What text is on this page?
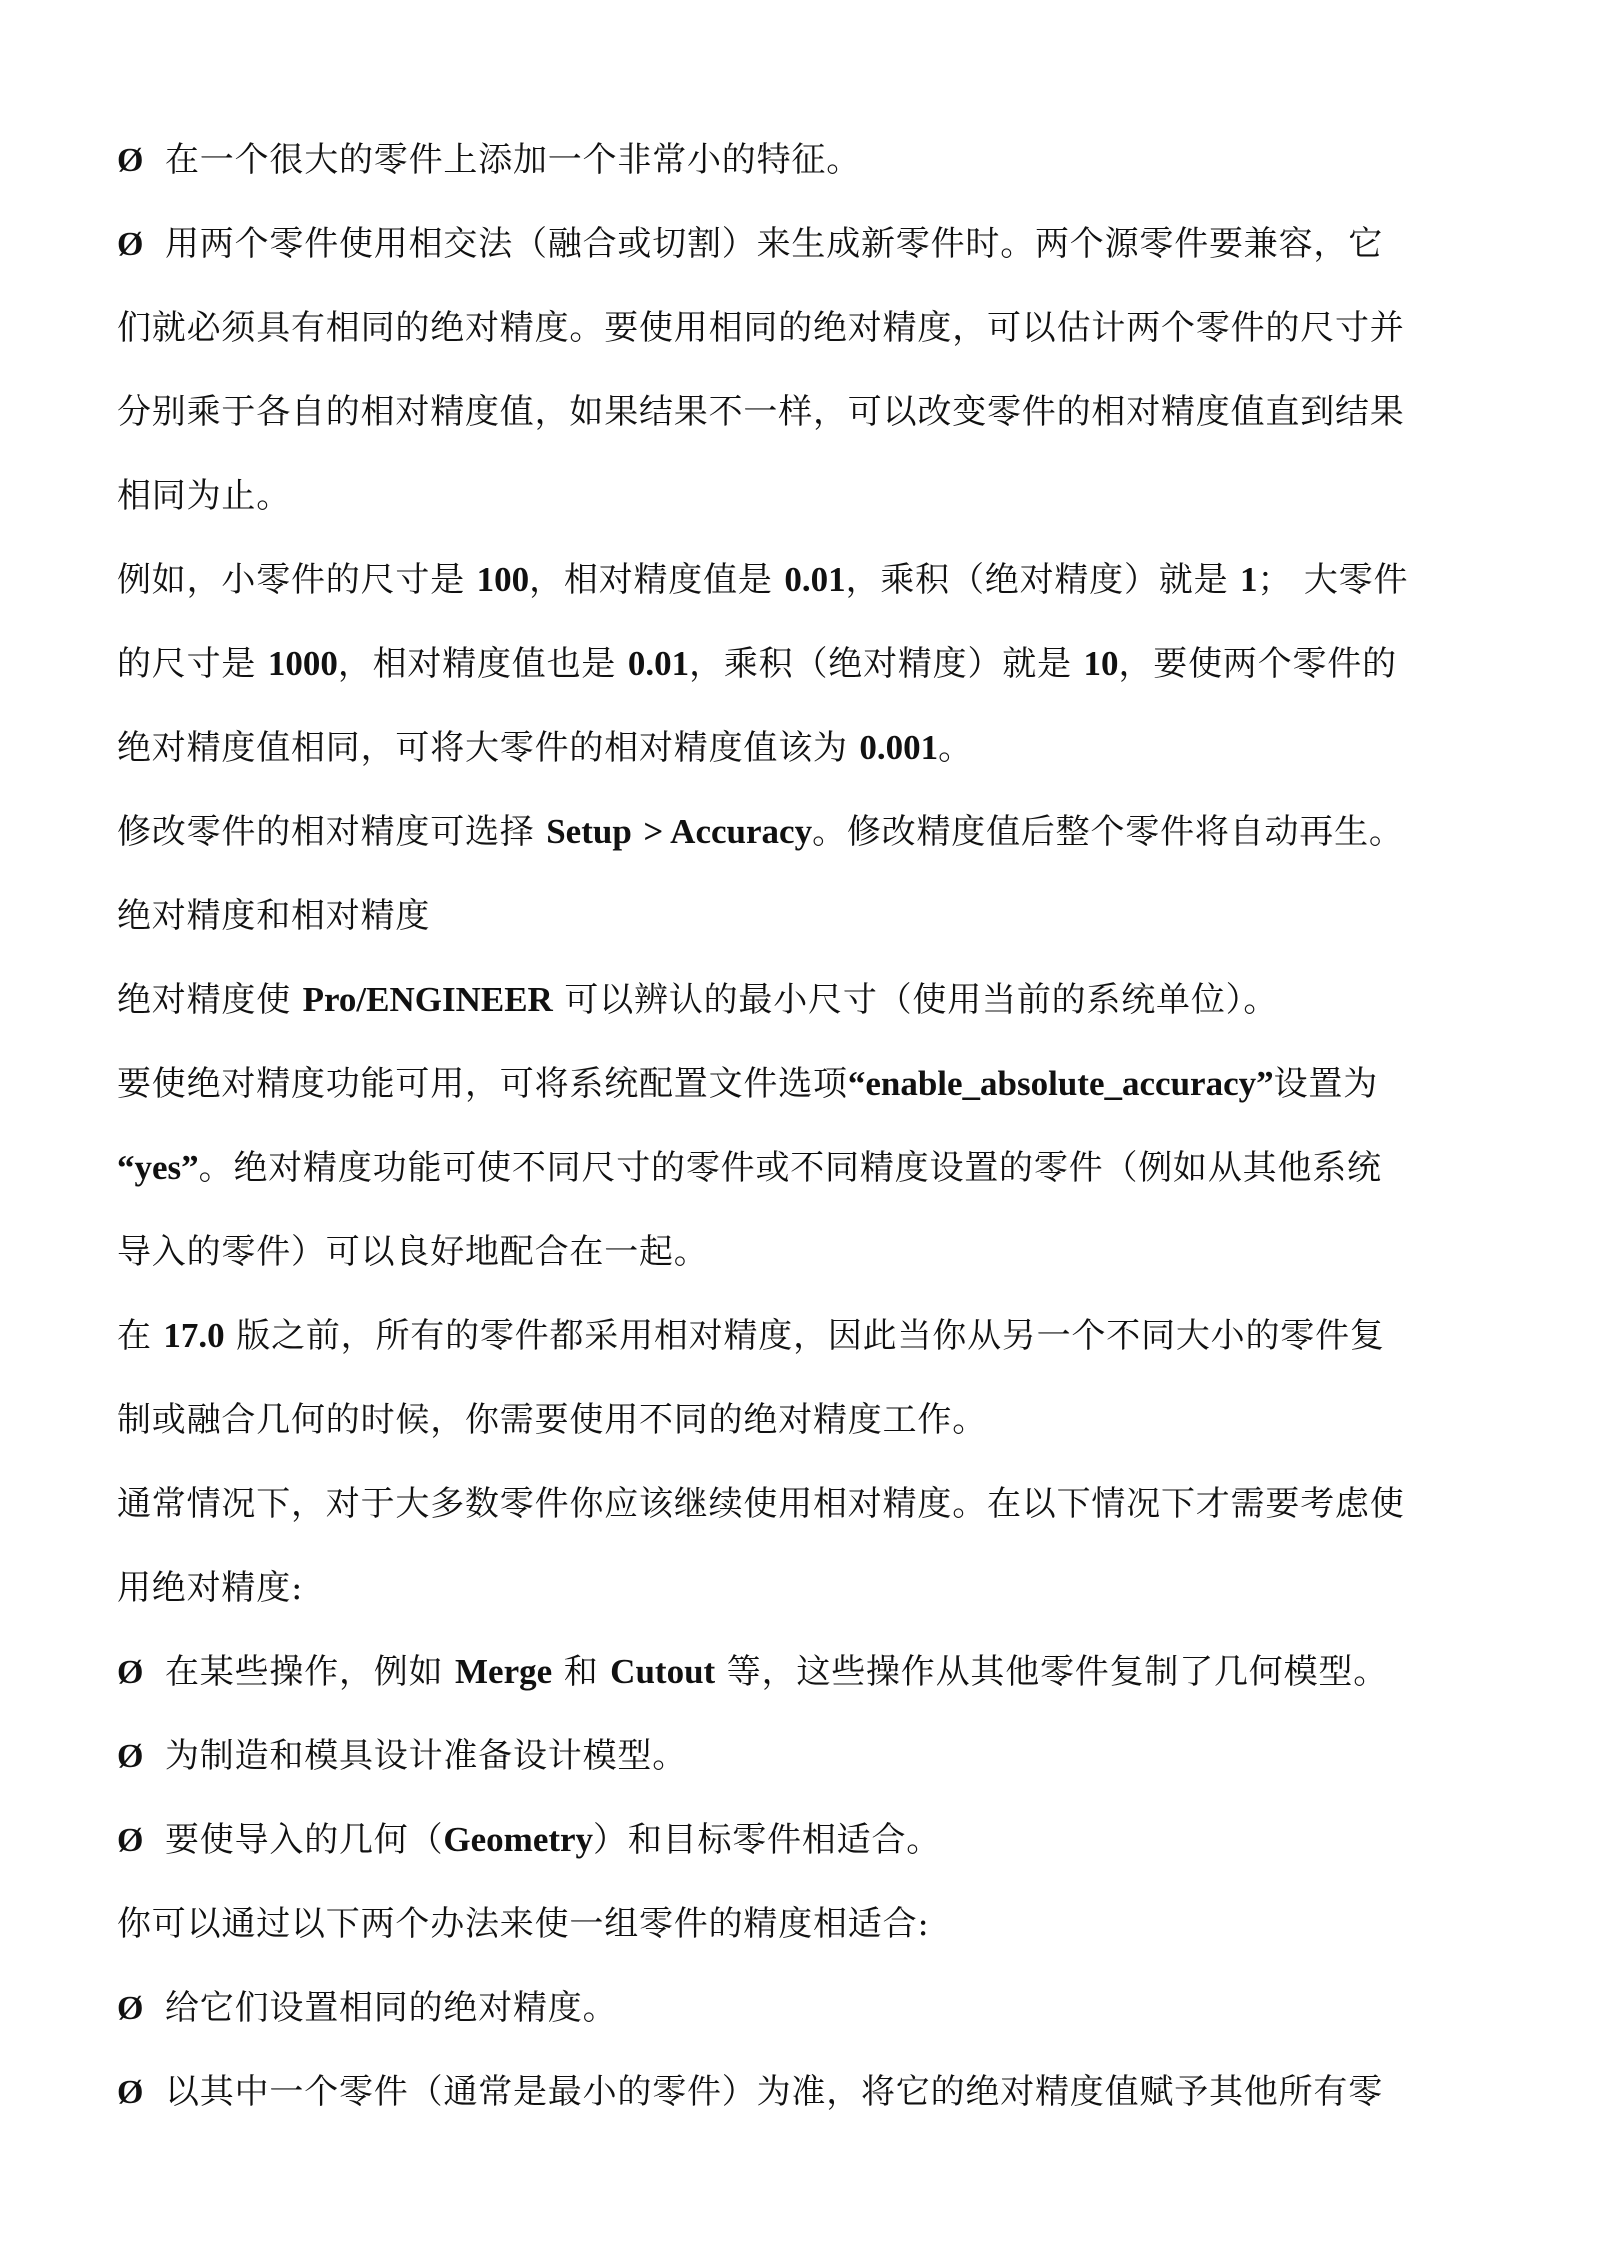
Ø 在一个很大的零件上添加一个非常小的特征。
Ø 用两个零件使用相交法（融合或切割）来生成新零件时。两个源零件要兼容，它
们就必须具有相同的绝对精度。要使用相同的绝对精度，可以估计两个零件的尺寸并
分别乘于各自的相对精度值，如果结果不一样，可以改变零件的相对精度值直到结果
相同为止。
例如，小零件的尺寸是 100，相对精度值是 0.01，乘积（绝对精度）就是 1； 大零件
的尺寸是 1000，相对精度值也是 0.01，乘积（绝对精度）就是 10，要使两个零件的
绝对精度值相同，可将大零件的相对精度值该为 0.001。
修改零件的相对精度可选择 Setup > Accuracy。修改精度值后整个零件将自动再生。
绝对精度和相对精度
绝对精度使 Pro/ENGINEER 可以辨认的最小尺寸（使用当前的系统单位）。
要使绝对精度功能可用，可将系统配置文件选项“enable_absolute_accuracy”设置为
“yes”。绝对精度功能可使不同尺寸的零件或不同精度设置的零件（例如从其他系统
导入的零件）可以良好地配合在一起。
在 17.0 版之前，所有的零件都采用相对精度，因此当你从另一个不同大小的零件复
制或融合几何的时候，你需要使用不同的绝对精度工作。
通常情况下，对于大多数零件你应该继续使用相对精度。在以下情况下才需要考虑使
用绝对精度:
Ø 在某些操作，例如 Merge 和 Cutout 等，这些操作从其他零件复制了几何模型。
Ø 为制造和模具设计准备设计模型。
Ø 要使导入的几何（Geometry）和目标零件相适合。
你可以通过以下两个办法来使一组零件的精度相适合:
Ø 给它们设置相同的绝对精度。
Ø 以其中一个零件（通常是最小的零件）为准，将它的绝对精度值赋予其他所有零
